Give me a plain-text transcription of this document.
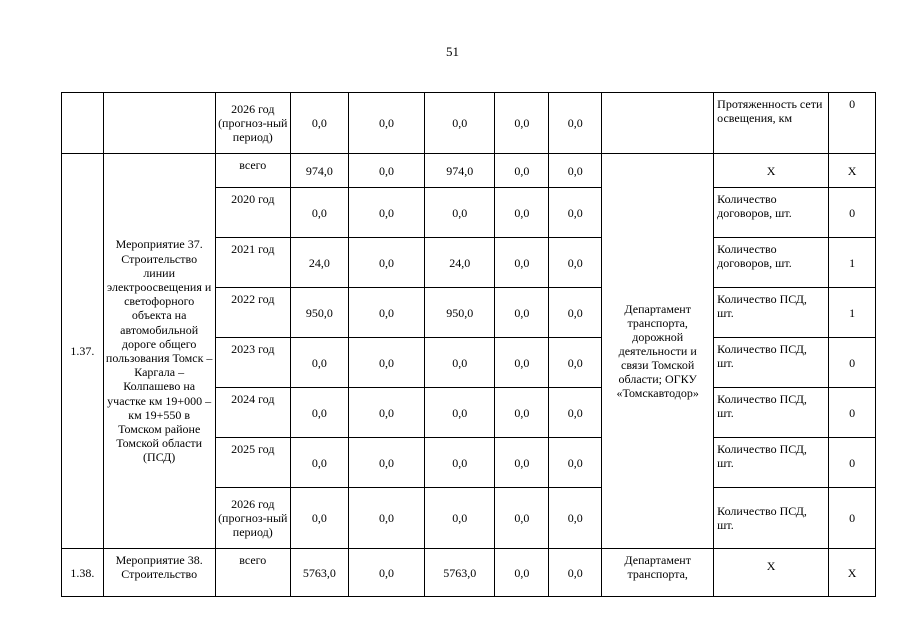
51
		2026 год (прогноз-ный период)	0,0	0,0	0,0	0,0	0,0		Протяженность сети освещения, км	0
1.37.	Мероприятие 37. Строительство линии электроосвещения и светофорного объекта на автомобильной дороге общего пользования Томск – Каргала – Колпашево на участке км 19+000 – км 19+550 в Томском районе Томской области (ПСД)	всего	974,0	0,0	974,0	0,0	0,0	Департамент транспорта, дорожной деятельности и связи Томской области; ОГКУ «Томскавтодор»	Х	Х
		2020 год	0,0	0,0	0,0	0,0	0,0		Количество договоров, шт.	0
		2021 год	24,0	0,0	24,0	0,0	0,0		Количество договоров, шт.	1
		2022 год	950,0	0,0	950,0	0,0	0,0		Количество ПСД, шт.	1
		2023 год	0,0	0,0	0,0	0,0	0,0		Количество ПСД, шт.	0
		2024 год	0,0	0,0	0,0	0,0	0,0		Количество ПСД, шт.	0
		2025 год	0,0	0,0	0,0	0,0	0,0		Количество ПСД, шт.	0
		2026 год (прогноз-ный период)	0,0	0,0	0,0	0,0	0,0		Количество ПСД, шт.	0
1.38.	Мероприятие 38. Строительство	всего	5763,0	0,0	5763,0	0,0	0,0	Департамент транспорта,	Х	Х
